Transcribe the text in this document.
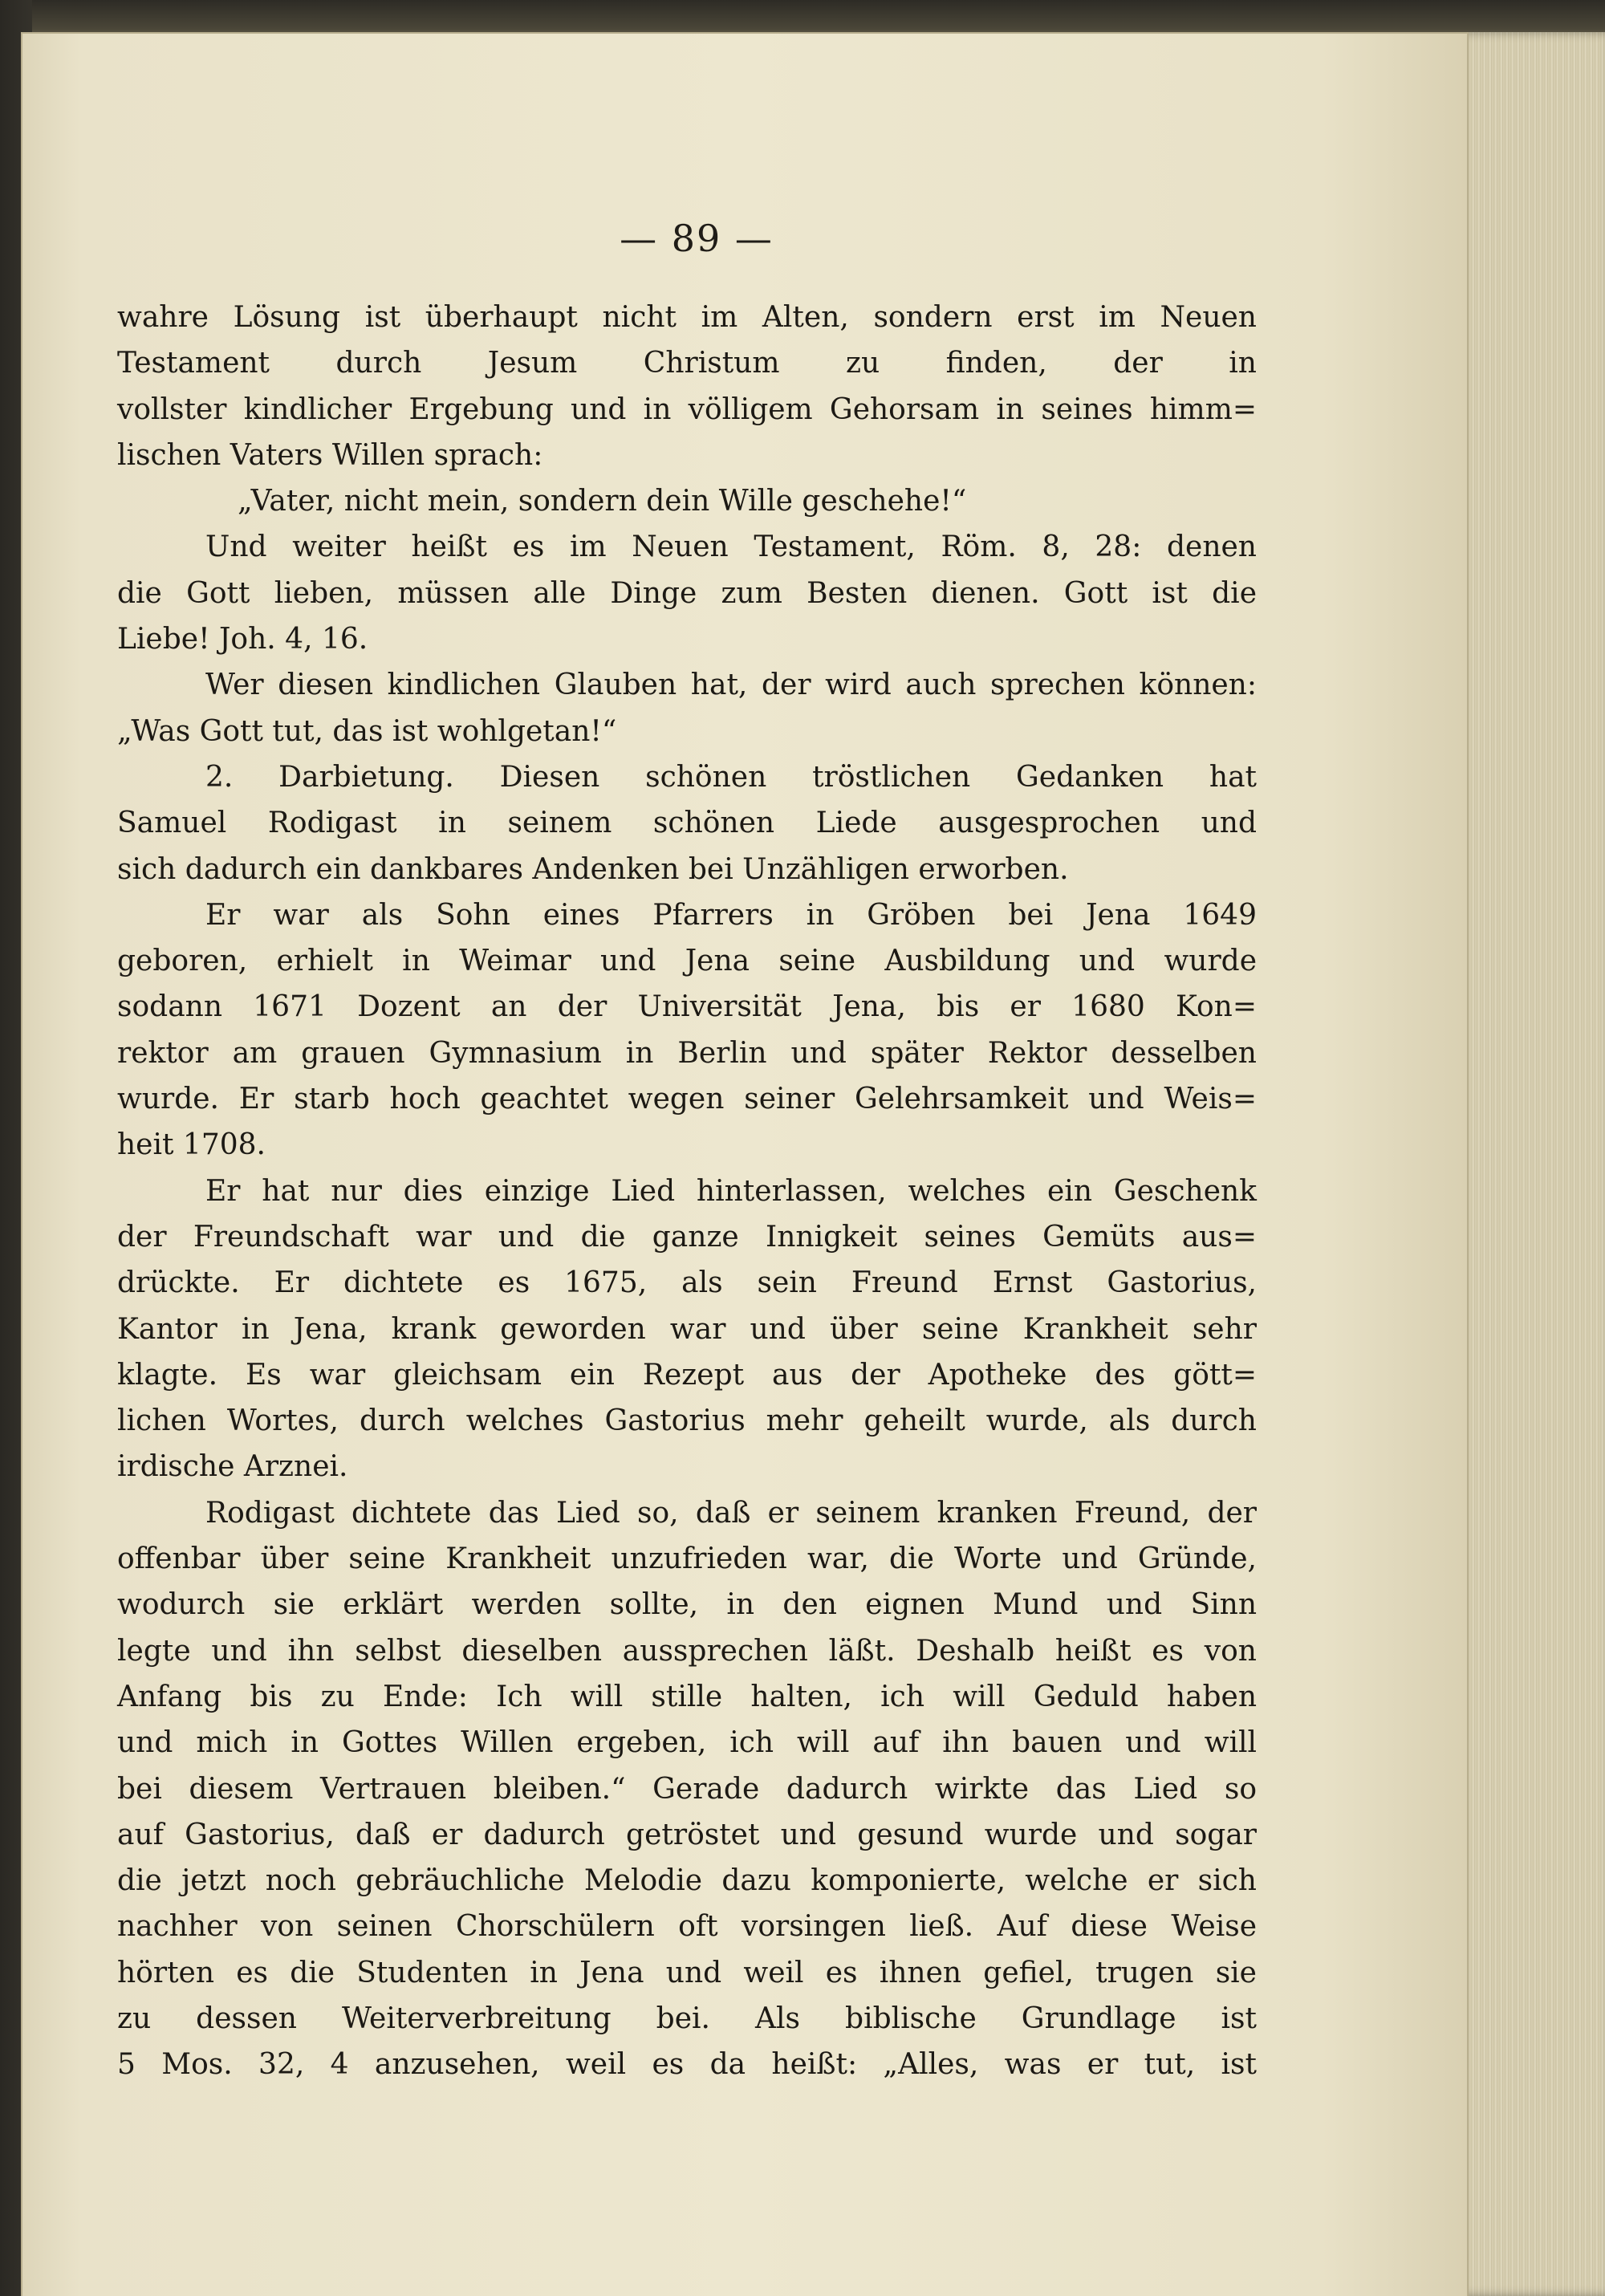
— 89 —
wahre Lösung ist überhaupt nicht im Alten, sondern erst im Neuen
Testament durch Jesum Christum zu finden, der in
vollster kindlicher Ergebung und in völligem Gehorsam in seines himm=
lischen Vaters Willen sprach:
„Vater, nicht mein, sondern dein Wille geschehe!“
Und weiter heißt es im Neuen Testament, Röm. 8, 28: denen
die Gott lieben, müssen alle Dinge zum Besten dienen. Gott ist die
Liebe! Joh. 4, 16.
Wer diesen kindlichen Glauben hat, der wird auch sprechen können:
„Was Gott tut, das ist wohlgetan!“
2. Darbietung. Diesen schönen tröstlichen Gedanken hat
Samuel Rodigast in seinem schönen Liede ausgesprochen und
sich dadurch ein dankbares Andenken bei Unzähligen erworben.
Er war als Sohn eines Pfarrers in Gröben bei Jena 1649
geboren, erhielt in Weimar und Jena seine Ausbildung und wurde
sodann 1671 Dozent an der Universität Jena, bis er 1680 Kon=
rektor am grauen Gymnasium in Berlin und später Rektor desselben
wurde. Er starb hoch geachtet wegen seiner Gelehrsamkeit und Weis=
heit 1708.
Er hat nur dies einzige Lied hinterlassen, welches ein Geschenk
der Freundschaft war und die ganze Innigkeit seines Gemüts aus=
drückte. Er dichtete es 1675, als sein Freund Ernst Gastorius,
Kantor in Jena, krank geworden war und über seine Krankheit sehr
klagte. Es war gleichsam ein Rezept aus der Apotheke des gött=
lichen Wortes, durch welches Gastorius mehr geheilt wurde, als durch
irdische Arznei.
Rodigast dichtete das Lied so, daß er seinem kranken Freund, der
offenbar über seine Krankheit unzufrieden war, die Worte und Gründe,
wodurch sie erklärt werden sollte, in den eignen Mund und Sinn
legte und ihn selbst dieselben aussprechen läßt. Deshalb heißt es von
Anfang bis zu Ende: Ich will stille halten, ich will Geduld haben
und mich in Gottes Willen ergeben, ich will auf ihn bauen und will
bei diesem Vertrauen bleiben.“ Gerade dadurch wirkte das Lied so
auf Gastorius, daß er dadurch getröstet und gesund wurde und sogar
die jetzt noch gebräuchliche Melodie dazu komponierte, welche er sich
nachher von seinen Chorschülern oft vorsingen ließ. Auf diese Weise
hörten es die Studenten in Jena und weil es ihnen gefiel, trugen sie
zu dessen Weiterverbreitung bei. Als biblische Grundlage ist
5 Mos. 32, 4 anzusehen, weil es da heißt: „Alles, was er tut, ist
